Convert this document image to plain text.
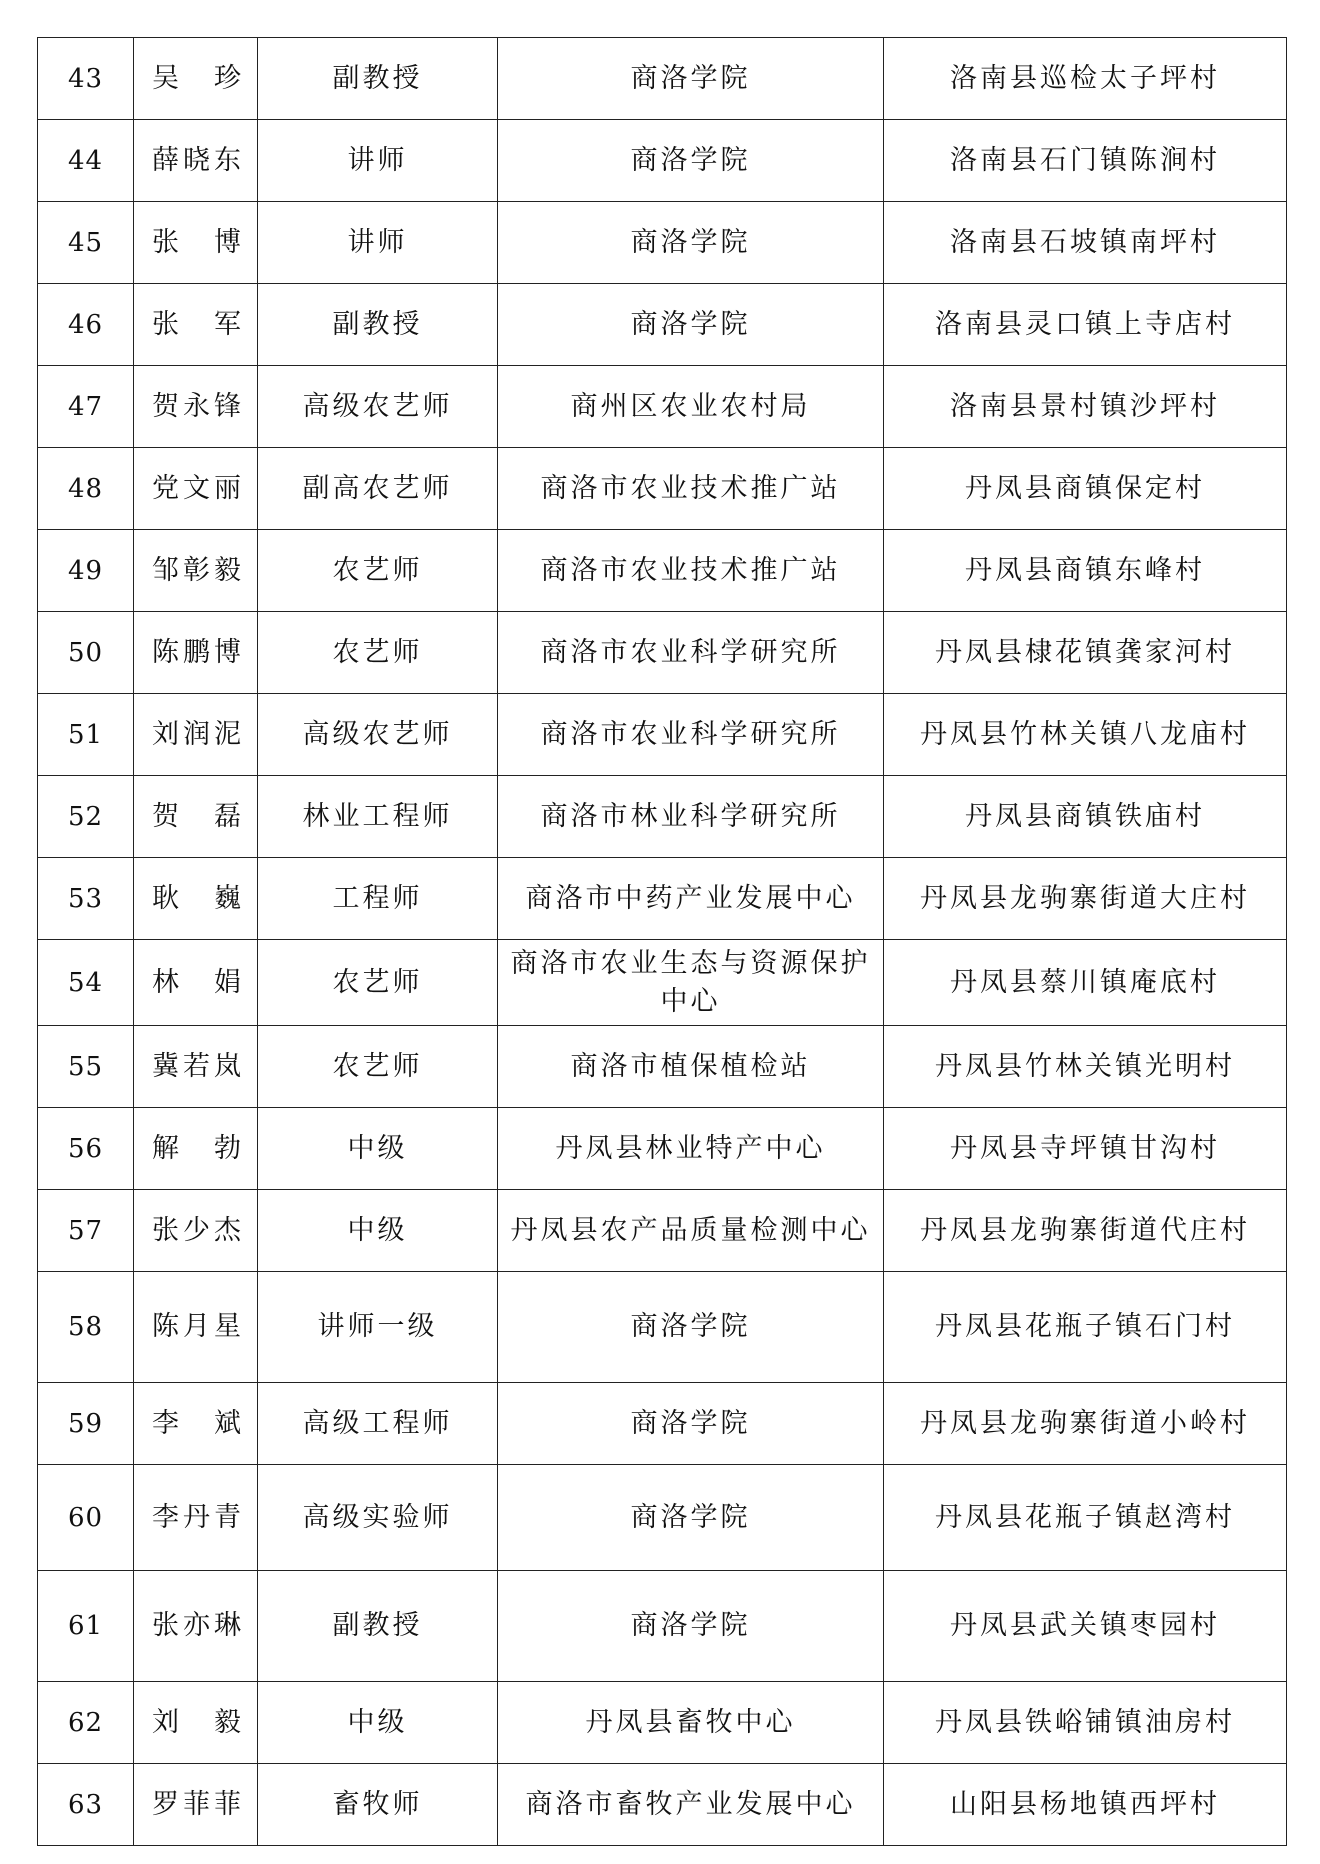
43	吴　珍	副教授	商洛学院	洛南县巡检太子坪村
44	薛晓东	讲师	商洛学院	洛南县石门镇陈涧村
45	张　博	讲师	商洛学院	洛南县石坡镇南坪村
46	张　军	副教授	商洛学院	洛南县灵口镇上寺店村
47	贺永锋	高级农艺师	商州区农业农村局	洛南县景村镇沙坪村
48	党文丽	副高农艺师	商洛市农业技术推广站	丹凤县商镇保定村
49	邹彰毅	农艺师	商洛市农业技术推广站	丹凤县商镇东峰村
50	陈鹏博	农艺师	商洛市农业科学研究所	丹凤县棣花镇龚家河村
51	刘润泥	高级农艺师	商洛市农业科学研究所	丹凤县竹林关镇八龙庙村
52	贺　磊	林业工程师	商洛市林业科学研究所	丹凤县商镇铁庙村
53	耿　巍	工程师	商洛市中药产业发展中心	丹凤县龙驹寨街道大庄村
54	林　娟	农艺师	商洛市农业生态与资源保护中心	丹凤县蔡川镇庵底村
55	冀若岚	农艺师	商洛市植保植检站	丹凤县竹林关镇光明村
56	解　勃	中级	丹凤县林业特产中心	丹凤县寺坪镇甘沟村
57	张少杰	中级	丹凤县农产品质量检测中心	丹凤县龙驹寨街道代庄村
58	陈月星	讲师一级	商洛学院	丹凤县花瓶子镇石门村
59	李　斌	高级工程师	商洛学院	丹凤县龙驹寨街道小岭村
60	李丹青	高级实验师	商洛学院	丹凤县花瓶子镇赵湾村
61	张亦琳	副教授	商洛学院	丹凤县武关镇枣园村
62	刘　毅	中级	丹凤县畜牧中心	丹凤县铁峪铺镇油房村
63	罗菲菲	畜牧师	商洛市畜牧产业发展中心	山阳县杨地镇西坪村
